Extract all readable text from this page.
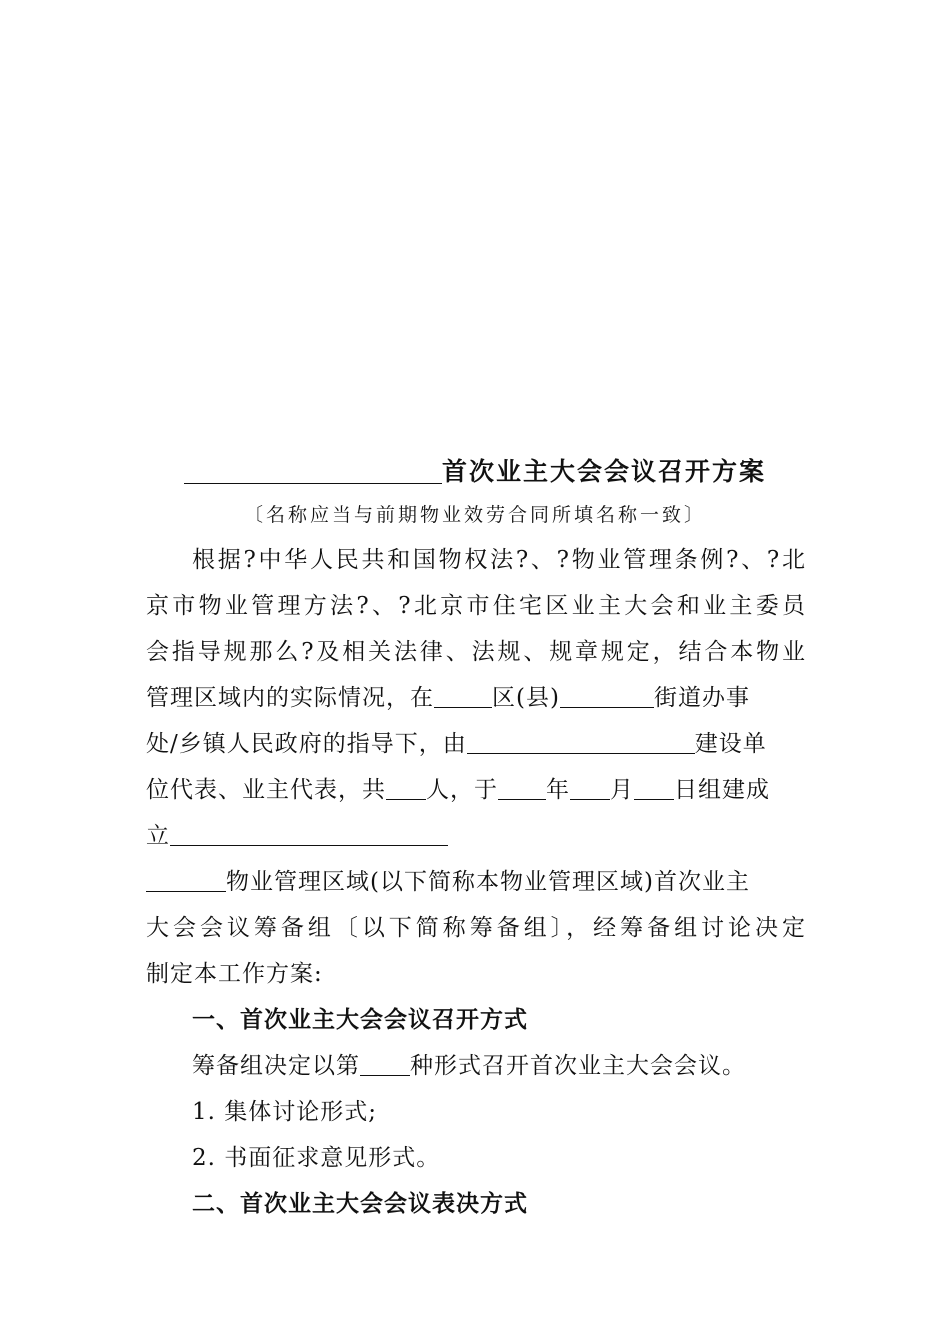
首次业主大会会议召开方案
〔名称应当与前期物业效劳合同所填名称一致〕
根据?中华人民共和国物权法?、?物业管理条例?、?北
京市物业管理方法?、?北京市住宅区业主大会和业主委员
会指导规那么?及相关法律、法规、规章规定，结合本物业
管理区域内的实际情况，在	区(县)	街道办事
处/乡镇人民政府的指导下，由	建设单
位代表、业主代表，共 人，于 年 月 日组建成
立
物业管理区域(以下简称本物业管理区域)首次业主
大会会议筹备组〔以下简称筹备组〕，经筹备组讨论决定
制定本工作方案:
一、首次业主大会会议召开方式
筹备组决定以第 种形式召开首次业主大会会议。
1. 集体讨论形式;
2. 书面征求意见形式。
二、首次业主大会会议表决方式
